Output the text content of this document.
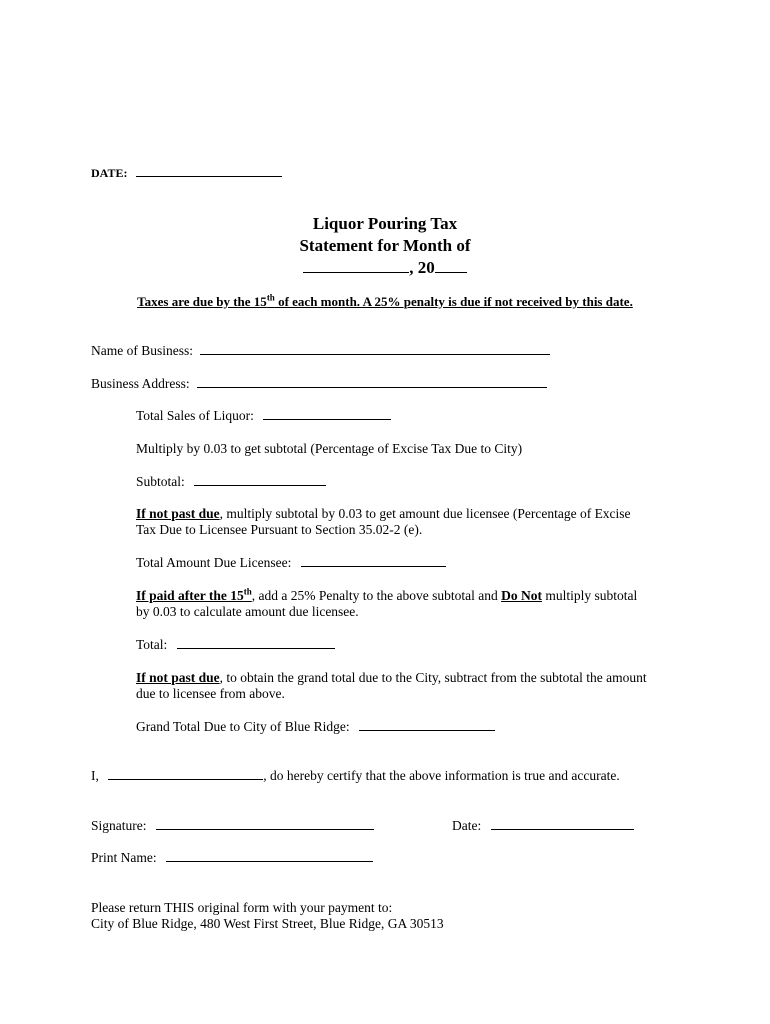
DATE:
Liquor Pouring Tax
Statement for Month of
, 20
Taxes are due by the 15th of each month. A 25% penalty is due if not received by this date.
Name of Business:
Business Address:
Total Sales of Liquor:
Multiply by 0.03 to get subtotal (Percentage of Excise Tax Due to City)
Subtotal:
If not past due, multiply subtotal by 0.03 to get amount due licensee (Percentage of Excise
Tax Due to Licensee Pursuant to Section 35.02-2 (e).
Total Amount Due Licensee:
If paid after the 15th, add a 25% Penalty to the above subtotal and Do Not multiply subtotal
by 0.03 to calculate amount due licensee.
Total:
If not past due, to obtain the grand total due to the City, subtract from the subtotal the amount
due to licensee from above.
Grand Total Due to City of Blue Ridge:
I,	, do hereby certify that the above information is true and accurate.
Signature:	Date:
Print Name:
Please return THIS original form with your payment to:
City of Blue Ridge, 480 West First Street, Blue Ridge, GA 30513
